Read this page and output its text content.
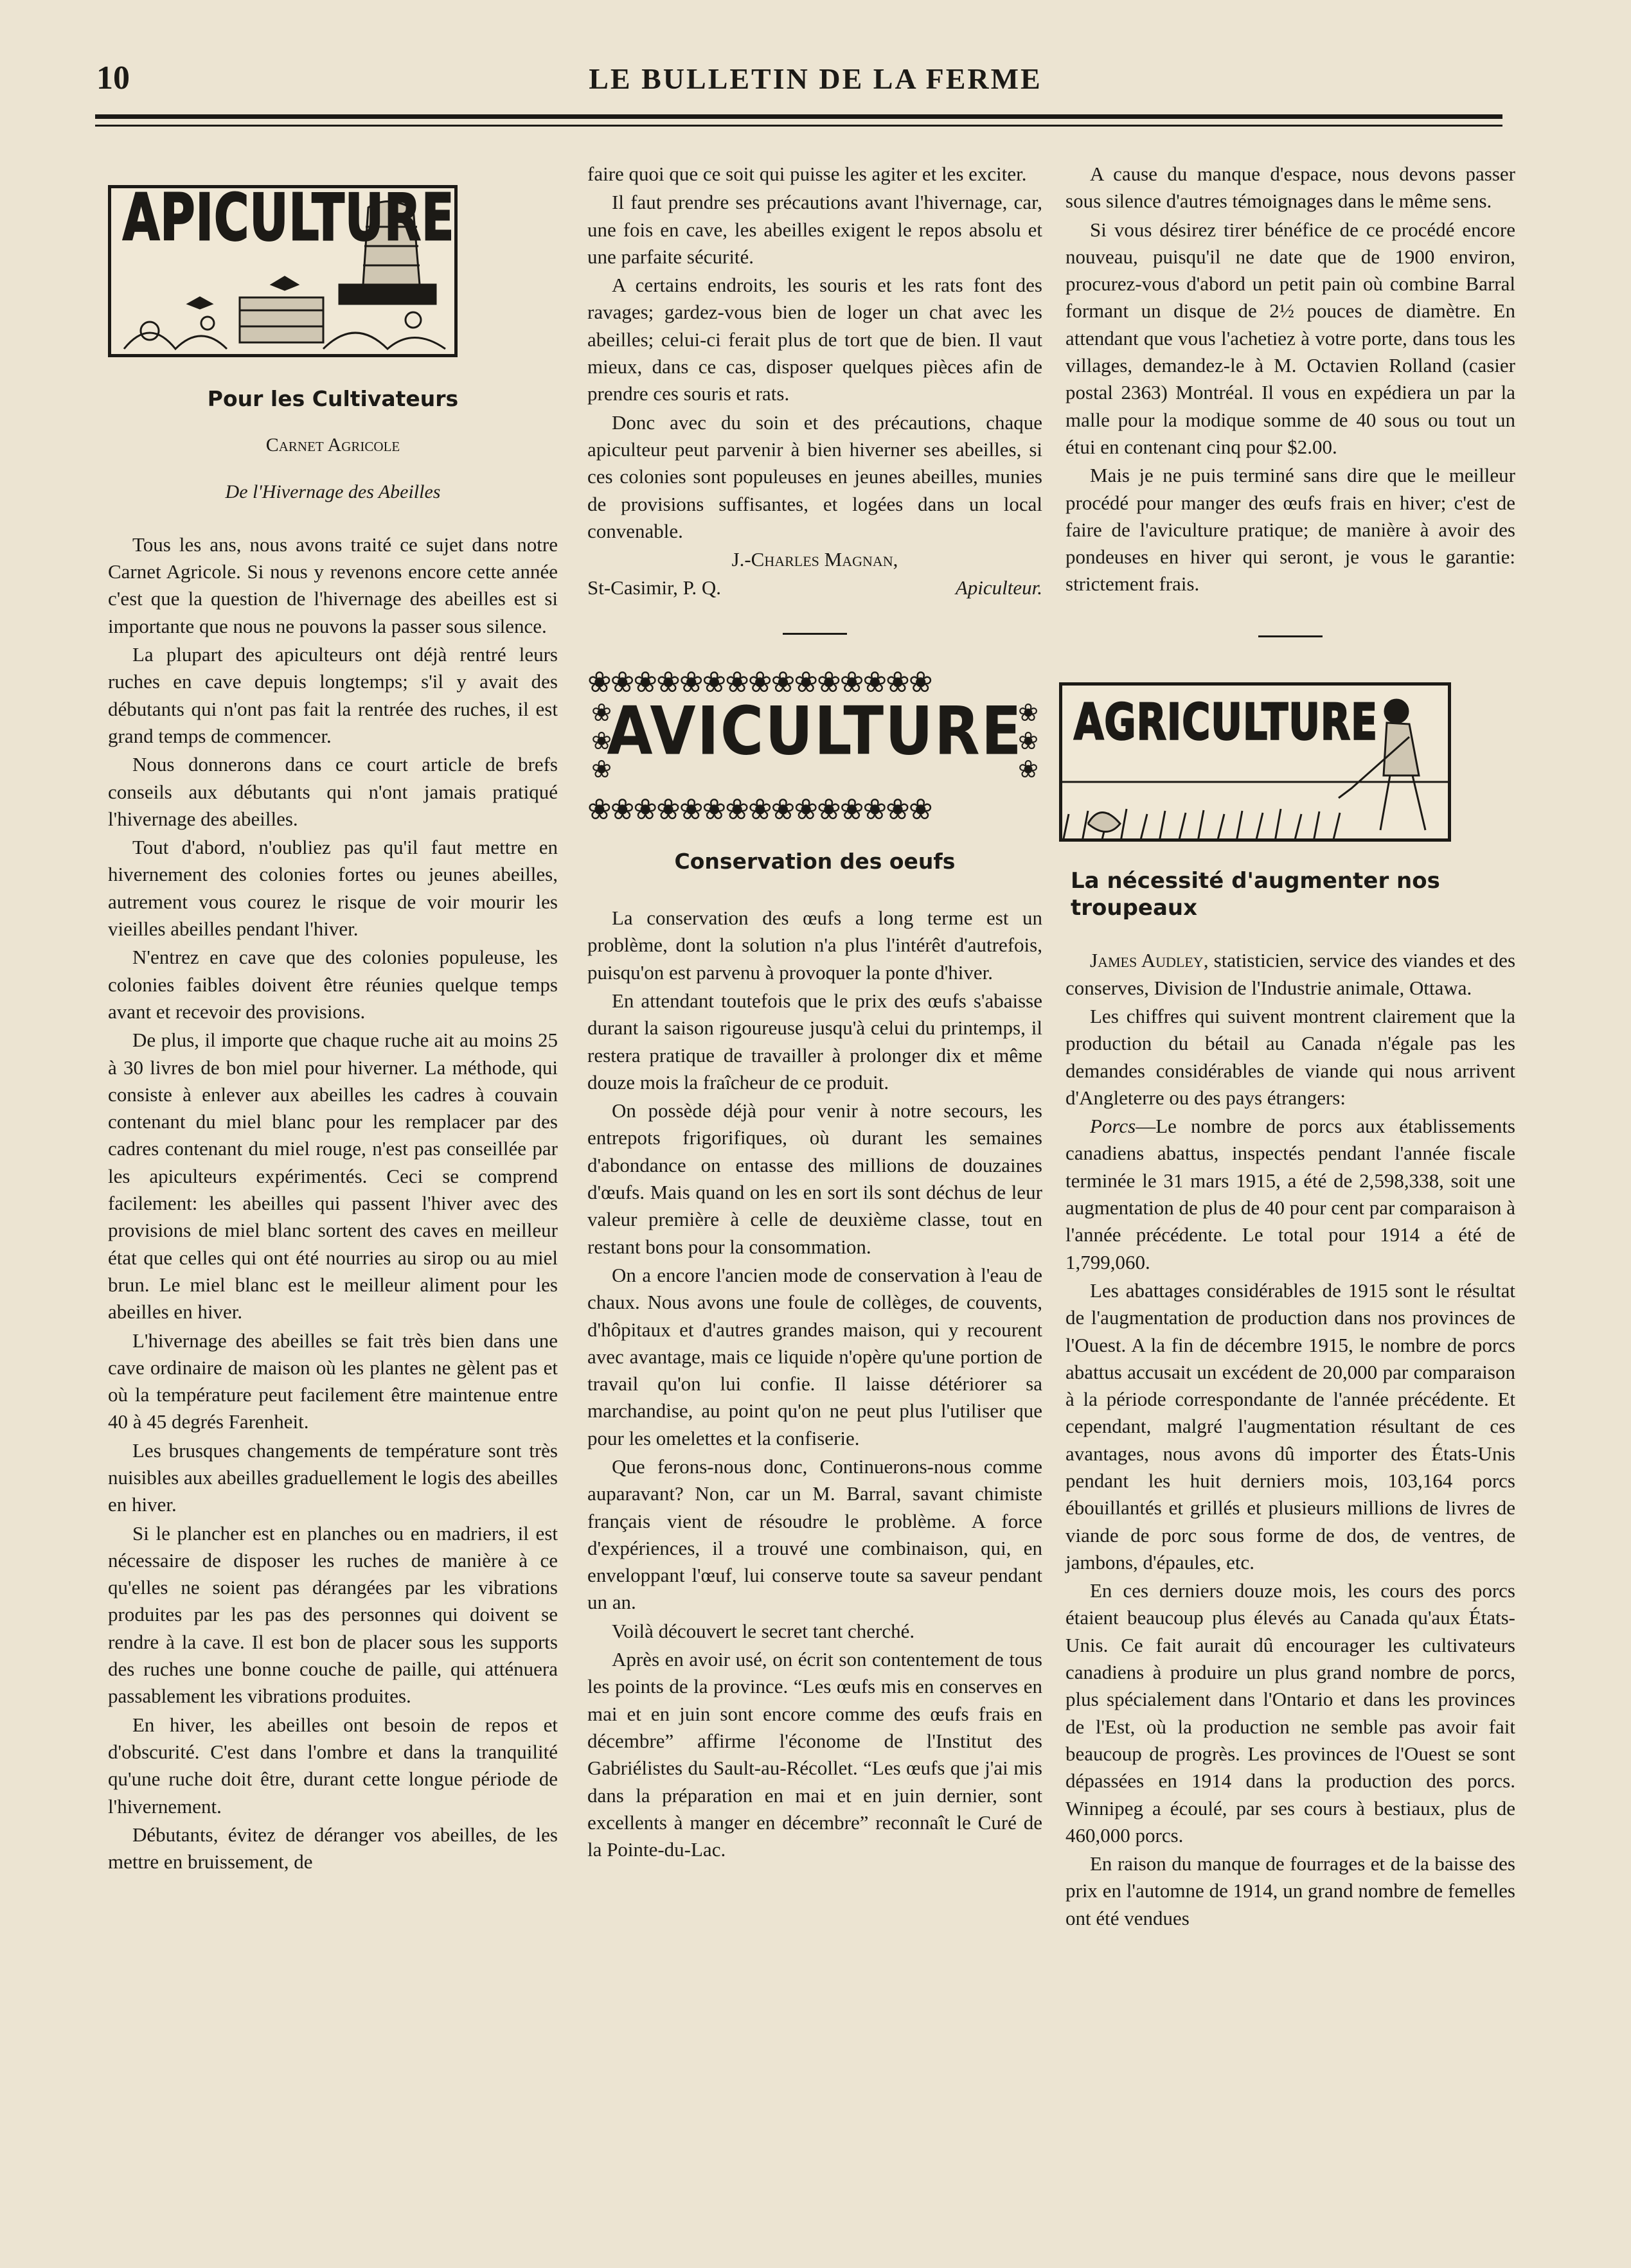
10	LE BULLETIN DE LA FERME
APICULTURE
Pour les Cultivateurs
Carnet Agricole
De l'Hivernage des Abeilles

Tous les ans, nous avons traité ce sujet dans notre Carnet Agricole. Si nous y revenons encore cette année c'est que la question de l'hivernage des abeilles est si importante que nous ne pouvons la passer sous silence.

La plupart des apiculteurs ont déjà rentré leurs ruches en cave depuis longtemps; s'il y avait des débutants qui n'ont pas fait la rentrée des ruches, il est grand temps de commencer.

Nous donnerons dans ce court article de brefs conseils aux débutants qui n'ont jamais pratiqué l'hivernage des abeilles.

Tout d'abord, n'oubliez pas qu'il faut mettre en hivernement des colonies fortes ou jeunes abeilles, autrement vous courez le risque de voir mourir les vieilles abeilles pendant l'hiver.

N'entrez en cave que des colonies populeuse, les colonies faibles doivent être réunies quelque temps avant et recevoir des provisions.

De plus, il importe que chaque ruche ait au moins 25 à 30 livres de bon miel pour hiverner. La méthode, qui consiste à enlever aux abeilles les cadres à couvain contenant du miel blanc pour les remplacer par des cadres contenant du miel rouge, n'est pas conseillée par les apiculteurs expérimentés. Ceci se comprend facilement: les abeilles qui passent l'hiver avec des provisions de miel blanc sortent des caves en meilleur état que celles qui ont été nourries au sirop ou au miel brun. Le miel blanc est le meilleur aliment pour les abeilles en hiver.

L'hivernage des abeilles se fait très bien dans une cave ordinaire de maison où les plantes ne gèlent pas et où la température peut facilement être maintenue entre 40 à 45 degrés Farenheit.

Les brusques changements de température sont très nuisibles aux abeilles graduellement le logis des abeilles en hiver.

Si le plancher est en planches ou en madriers, il est nécessaire de disposer les ruches de manière à ce qu'elles ne soient pas dérangées par les vibrations produites par les pas des personnes qui doivent se rendre à la cave. Il est bon de placer sous les supports des ruches une bonne couche de paille, qui atténuera passablement les vibrations produites.

En hiver, les abeilles ont besoin de repos et d'obscurité. C'est dans l'ombre et dans la tranquilité qu'une ruche doit être, durant cette longue période de l'hivernement.

Débutants, évitez de déranger vos abeilles, de les mettre en bruissement, de

faire quoi que ce soit qui puisse les agiter et les exciter.

Il faut prendre ses précautions avant l'hivernage, car, une fois en cave, les abeilles exigent le repos absolu et une parfaite sécurité.

A certains endroits, les souris et les rats font des ravages; gardez-vous bien de loger un chat avec les abeilles; celui-ci ferait plus de tort que de bien. Il vaut mieux, dans ce cas, disposer quelques pièces afin de prendre ces souris et rats.

Donc avec du soin et des précautions, chaque apiculteur peut parvenir à bien hiverner ses abeilles, si ces colonies sont populeuses en jeunes abeilles, munies de provisions suffisantes, et logées dans un local convenable.

J.-Charles Magnan,

St-Casimir, P. Q.	Apiculteur.

❀❀❀❀❀❀❀❀❀❀❀❀❀❀❀
❀
❀
❀
❀
❀
❀
AVICULTURE
❀❀❀❀❀❀❀❀❀❀❀❀❀❀❀
Conservation des oeufs

La conservation des œufs a long terme est un problème, dont la solution n'a plus l'intérêt d'autrefois, puisqu'on est parvenu à provoquer la ponte d'hiver.

En attendant toutefois que le prix des œufs s'abaisse durant la saison rigoureuse jusqu'à celui du printemps, il restera pratique de travailler à prolonger dix et même douze mois la fraîcheur de ce produit.

On possède déjà pour venir à notre secours, les entrepots frigorifiques, où durant les semaines d'abondance on entasse des millions de douzaines d'œufs. Mais quand on les en sort ils sont déchus de leur valeur première à celle de deuxième classe, tout en restant bons pour la consommation.

On a encore l'ancien mode de conservation à l'eau de chaux. Nous avons une foule de collèges, de couvents, d'hôpitaux et d'autres grandes maison, qui y recourent avec avantage, mais ce liquide n'opère qu'une portion de travail qu'on lui confie. Il laisse détériorer sa marchandise, au point qu'on ne peut plus l'utiliser que pour les omelettes et la confiserie.

Que ferons-nous donc, Continuerons-nous comme auparavant? Non, car un M. Barral, savant chimiste français vient de résoudre le problème. A force d'expériences, il a trouvé une combinaison, qui, en enveloppant l'œuf, lui conserve toute sa saveur pendant un an.

Voilà découvert le secret tant cherché.

Après en avoir usé, on écrit son contentement de tous les points de la province. “Les œufs mis en conserves en mai et en juin sont encore comme des œufs frais en décembre” affirme l'économe de l'Institut des Gabriélistes du Sault-au-Récollet. “Les œufs que j'ai mis dans la préparation en mai et en juin dernier, sont excellents à manger en décembre” reconnaît le Curé de la Pointe-du-Lac.

A cause du manque d'espace, nous devons passer sous silence d'autres témoignages dans le même sens.

Si vous désirez tirer bénéfice de ce procédé encore nouveau, puisqu'il ne date que de 1900 environ, procurez-vous d'abord un petit pain où combine Barral formant un disque de 2½ pouces de diamètre. En attendant que vous l'achetiez à votre porte, dans tous les villages, demandez-le à M. Octavien Rolland (casier postal 2363) Montréal. Il vous en expédiera un par la malle pour la modique somme de 40 sous ou tout un étui en contenant cinq pour $2.00.

Mais je ne puis terminé sans dire que le meilleur procédé pour manger des œufs frais en hiver; c'est de faire de l'aviculture pratique; de manière à avoir des pondeuses en hiver qui seront, je vous le garantie: strictement frais.

AGRICULTURE
La nécessité d'augmenter nos troupeaux

James Audley, statisticien, service des viandes et des conserves, Division de l'Industrie animale, Ottawa.

Les chiffres qui suivent montrent clairement que la production du bétail au Canada n'égale pas les demandes considérables de viande qui nous arrivent d'Angleterre ou des pays étrangers:

Porcs—Le nombre de porcs aux établissements canadiens abattus, inspectés pendant l'année fiscale terminée le 31 mars 1915, a été de 2,598,338, soit une augmentation de plus de 40 pour cent par comparaison à l'année précédente. Le total pour 1914 a été de 1,799,060.

Les abattages considérables de 1915 sont le résultat de l'augmentation de production dans nos provinces de l'Ouest. A la fin de décembre 1915, le nombre de porcs abattus accusait un excédent de 20,000 par comparaison à la période correspondante de l'année précédente. Et cependant, malgré l'augmentation résultant de ces avantages, nous avons dû importer des États-Unis pendant les huit derniers mois, 103,164 porcs ébouillantés et grillés et plusieurs millions de livres de viande de porc sous forme de dos, de ventres, de jambons, d'épaules, etc.

En ces derniers douze mois, les cours des porcs étaient beaucoup plus élevés au Canada qu'aux États-Unis. Ce fait aurait dû encourager les cultivateurs canadiens à produire un plus grand nombre de porcs, plus spécialement dans l'Ontario et dans les provinces de l'Est, où la production ne semble pas avoir fait beaucoup de progrès. Les provinces de l'Ouest se sont dépassées en 1914 dans la production des porcs. Winnipeg a écoulé, par ses cours à bestiaux, plus de 460,000 porcs.

En raison du manque de fourrages et de la baisse des prix en l'automne de 1914, un grand nombre de femelles ont été vendues
